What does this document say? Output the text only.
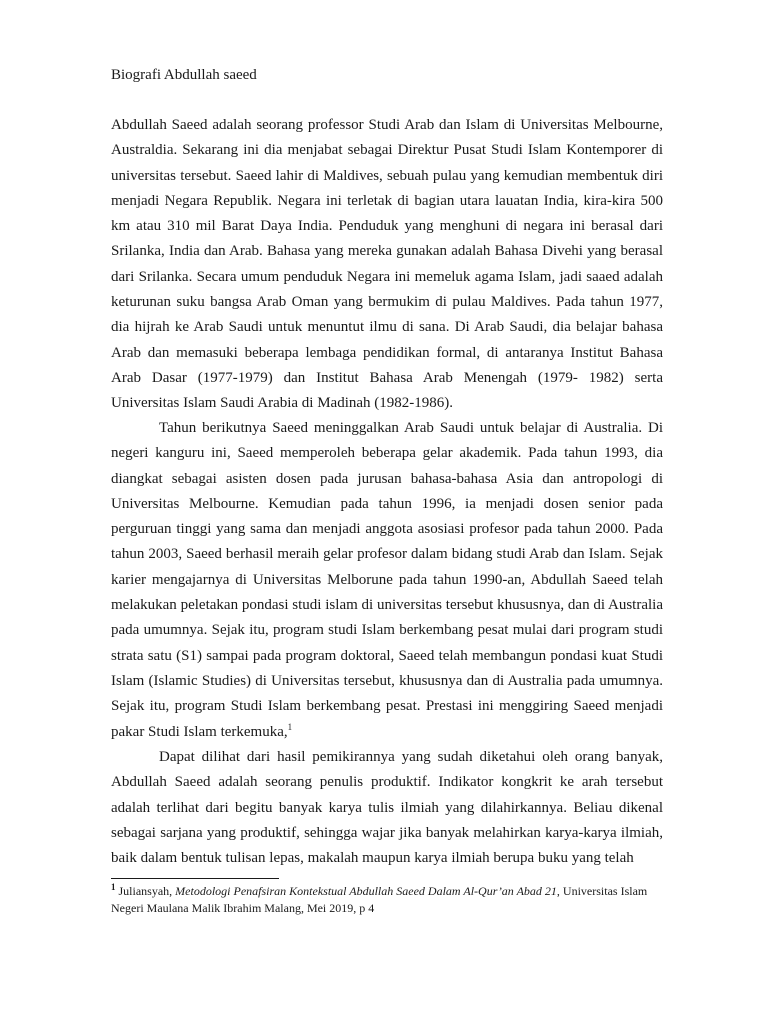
Biografi Abdullah saeed

Abdullah Saeed adalah seorang professor Studi Arab dan Islam di Universitas Melbourne, Australdia. Sekarang ini dia menjabat sebagai Direktur Pusat Studi Islam Kontemporer di universitas tersebut. Saeed lahir di Maldives, sebuah pulau yang kemudian membentuk diri menjadi Negara Republik. Negara ini terletak di bagian utara lauatan India, kira-kira 500 km atau 310 mil Barat Daya India. Penduduk yang menghuni di negara ini berasal dari Srilanka, India dan Arab. Bahasa yang mereka gunakan adalah Bahasa Divehi yang berasal dari Srilanka. Secara umum penduduk Negara ini memeluk agama Islam, jadi saaed adalah keturunan suku bangsa Arab Oman yang bermukim di pulau Maldives. Pada tahun 1977, dia hijrah ke Arab Saudi untuk menuntut ilmu di sana. Di Arab Saudi, dia belajar bahasa Arab dan memasuki beberapa lembaga pendidikan formal, di antaranya Institut Bahasa Arab Dasar (1977-1979) dan Institut Bahasa Arab Menengah (1979- 1982) serta Universitas Islam Saudi Arabia di Madinah (1982-1986).

Tahun berikutnya Saeed meninggalkan Arab Saudi untuk belajar di Australia. Di negeri kanguru ini, Saeed memperoleh beberapa gelar akademik. Pada tahun 1993, dia diangkat sebagai asisten dosen pada jurusan bahasa-bahasa Asia dan antropologi di Universitas Melbourne. Kemudian pada tahun 1996, ia menjadi dosen senior pada perguruan tinggi yang sama dan menjadi anggota asosiasi profesor pada tahun 2000. Pada tahun 2003, Saeed berhasil meraih gelar profesor dalam bidang studi Arab dan Islam. Sejak karier mengajarnya di Universitas Melborune pada tahun 1990-an, Abdullah Saeed telah melakukan peletakan pondasi studi islam di universitas tersebut khususnya, dan di Australia pada umumnya. Sejak itu, program studi Islam berkembang pesat mulai dari program studi strata satu (S1) sampai pada program doktoral, Saeed telah membangun pondasi kuat Studi Islam (Islamic Studies) di Universitas tersebut, khususnya dan di Australia pada umumnya. Sejak itu, program Studi Islam berkembang pesat. Prestasi ini menggiring Saeed menjadi pakar Studi Islam terkemuka,$^1$

Dapat dilihat dari hasil pemikirannya yang sudah diketahui oleh orang banyak, Abdullah Saeed adalah seorang penulis produktif. Indikator kongkrit ke arah tersebut adalah terlihat dari begitu banyak karya tulis ilmiah yang dilahirkannya. Beliau dikenal sebagai sarjana yang produktif, sehingga wajar jika banyak melahirkan karya-karya ilmiah, baik dalam bentuk tulisan lepas, makalah maupun karya ilmiah berupa buku yang telah

$^1$ Juliansyah, Metodologi Penafsiran Kontekstual Abdullah Saeed Dalam Al-Qur’an Abad 21, Universitas Islam Negeri Maulana Malik Ibrahim Malang, Mei 2019, p 4
